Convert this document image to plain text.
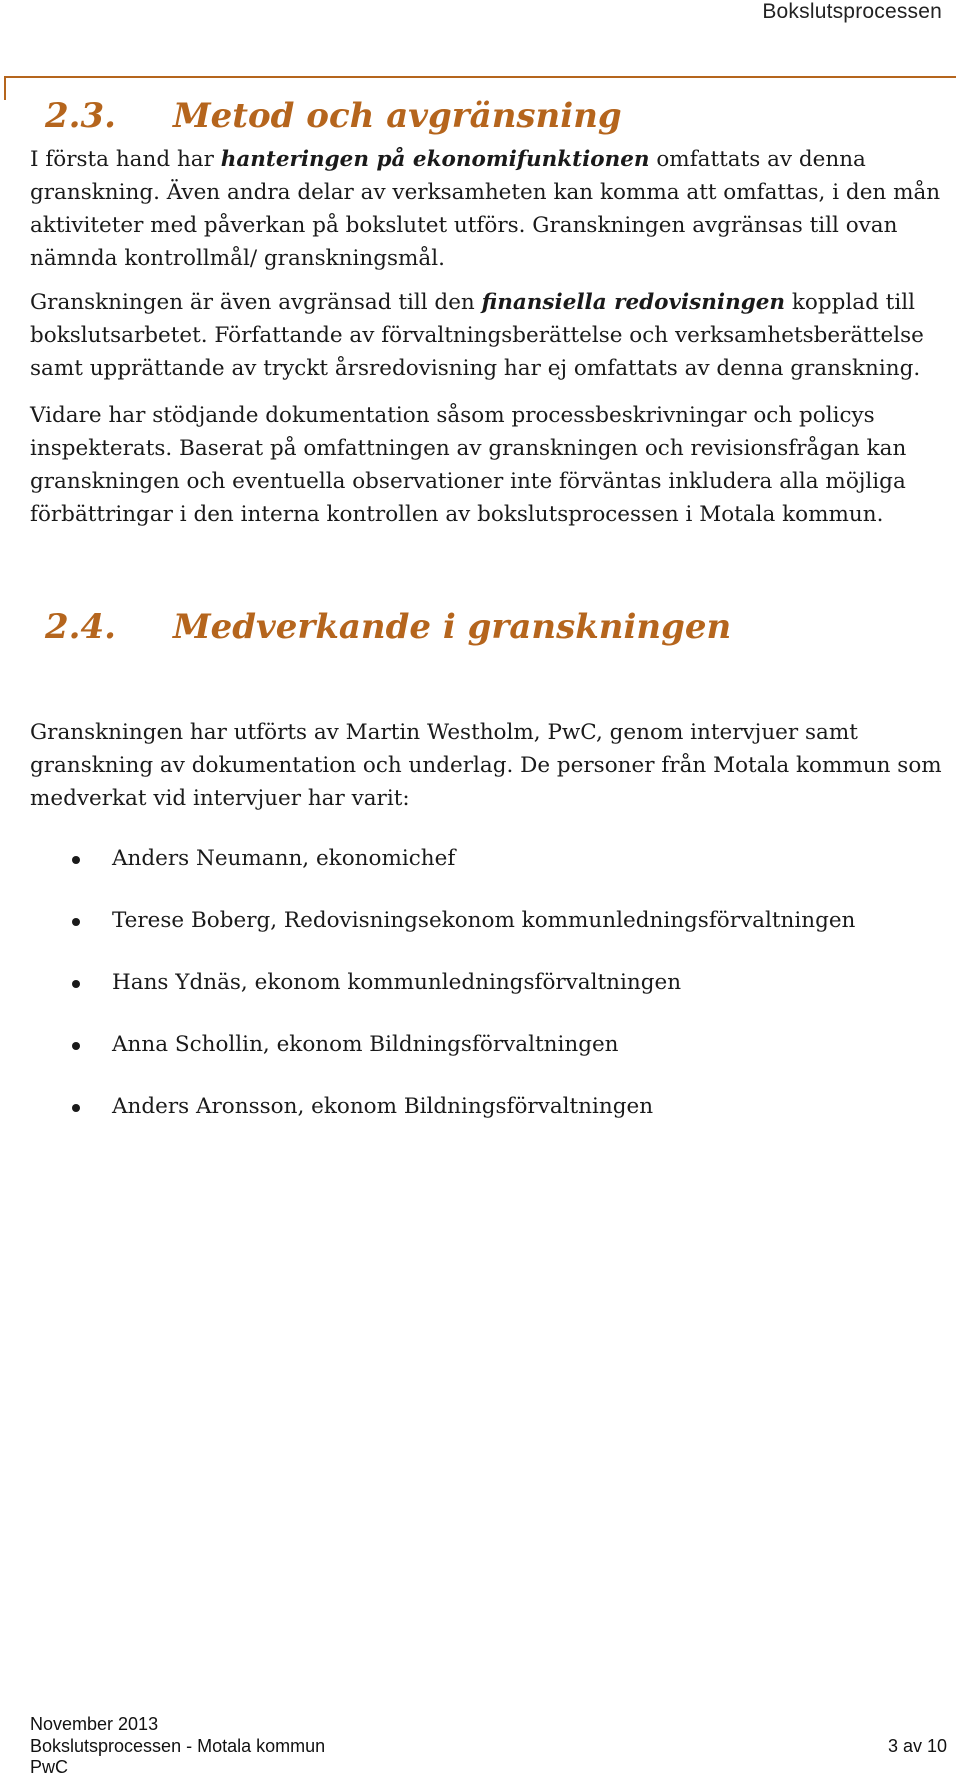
Bokslutsprocessen
2.3. Metod och avgränsning

I första hand har hanteringen på ekonomifunktionen omfattats av denna granskning. Även andra delar av verksamheten kan komma att omfattas, i den mån aktiviteter med påverkan på bokslutet utförs. Granskningen avgränsas till ovan nämnda kontrollmål/ granskningsmål.

Granskningen är även avgränsad till den finansiella redovisningen kopplad till bokslutsarbetet. Författande av förvaltningsberättelse och verksamhetsberättelse samt upprättande av tryckt årsredovisning har ej omfattats av denna granskning.

Vidare har stödjande dokumentation såsom processbeskrivningar och policys inspekterats. Baserat på omfattningen av granskningen och revisionsfrågan kan granskningen och eventuella observationer inte förväntas inkludera alla möjliga förbättringar i den interna kontrollen av bokslutsprocessen i Motala kommun.

2.4. Medverkande i granskningen

Granskningen har utförts av Martin Westholm, PwC, genom intervjuer samt granskning av dokumentation och underlag. De personer från Motala kommun som medverkat vid intervjuer har varit:

Anders Neumann, ekonomichef
Terese Boberg, Redovisningsekonom kommunledningsförvaltningen
Hans Ydnäs, ekonom kommunledningsförvaltningen
Anna Schollin, ekonom Bildningsförvaltningen
Anders Aronsson, ekonom Bildningsförvaltningen
November 2013
Bokslutsprocessen - Motala kommun
PwC
3 av 10
